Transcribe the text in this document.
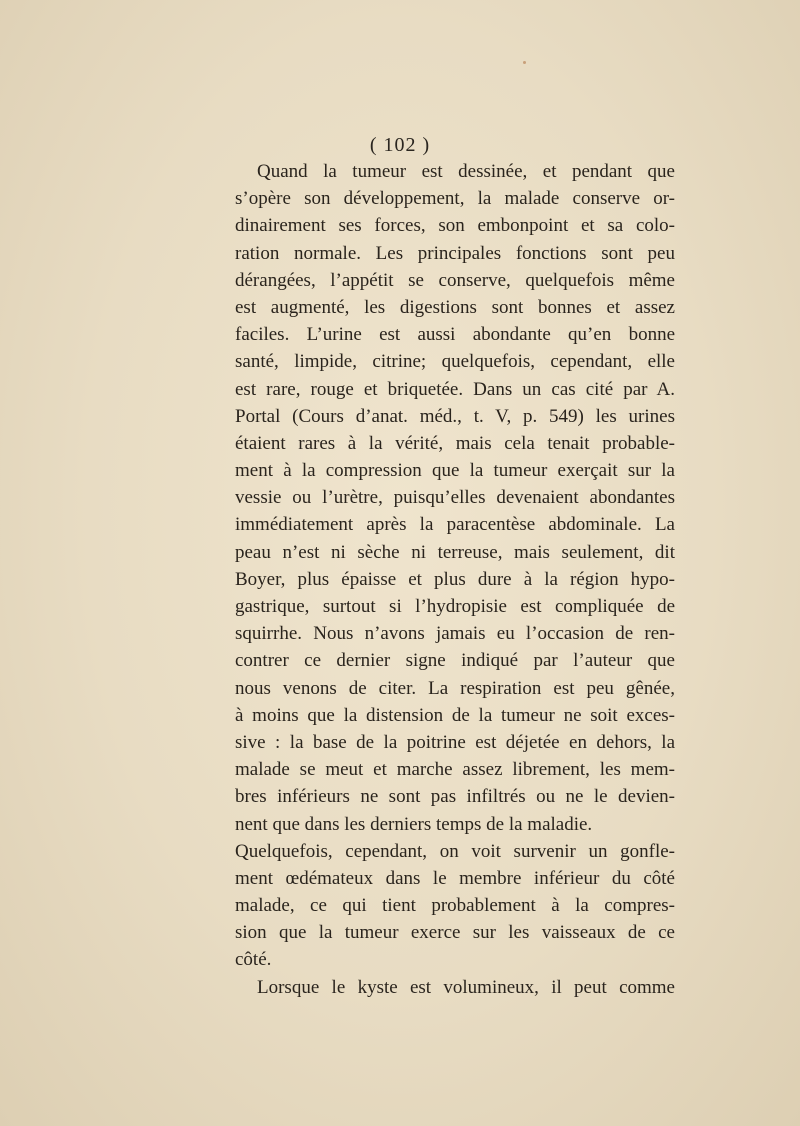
( 102 )
Quand la tumeur est dessinée, et pendant que
s’opère son développement, la malade conserve or-
dinairement ses forces, son embonpoint et sa colo-
ration normale. Les principales fonctions sont peu
dérangées, l’appétit se conserve, quelquefois même
est augmenté, les digestions sont bonnes et assez
faciles. L’urine est aussi abondante qu’en bonne
santé, limpide, citrine; quelquefois, cependant, elle
est rare, rouge et briquetée. Dans un cas cité par A.
Portal (Cours d’anat. méd., t. V, p. 549) les urines
étaient rares à la vérité, mais cela tenait probable-
ment à la compression que la tumeur exerçait sur la
vessie ou l’urètre, puisqu’elles devenaient abondantes
immédiatement après la paracentèse abdominale. La
peau n’est ni sèche ni terreuse, mais seulement, dit
Boyer, plus épaisse et plus dure à la région hypo-
gastrique, surtout si l’hydropisie est compliquée de
squirrhe. Nous n’avons jamais eu l’occasion de ren-
contrer ce dernier signe indiqué par l’auteur que
nous venons de citer. La respiration est peu gênée,
à moins que la distension de la tumeur ne soit exces-
sive : la base de la poitrine est déjetée en dehors, la
malade se meut et marche assez librement, les mem-
bres inférieurs ne sont pas infiltrés ou ne le devien-
nent que dans les derniers temps de la maladie.
Quelquefois, cependant, on voit survenir un gonfle-
ment œdémateux dans le membre inférieur du côté
malade, ce qui tient probablement à la compres-
sion que la tumeur exerce sur les vaisseaux de ce
côté.
Lorsque le kyste est volumineux, il peut comme
